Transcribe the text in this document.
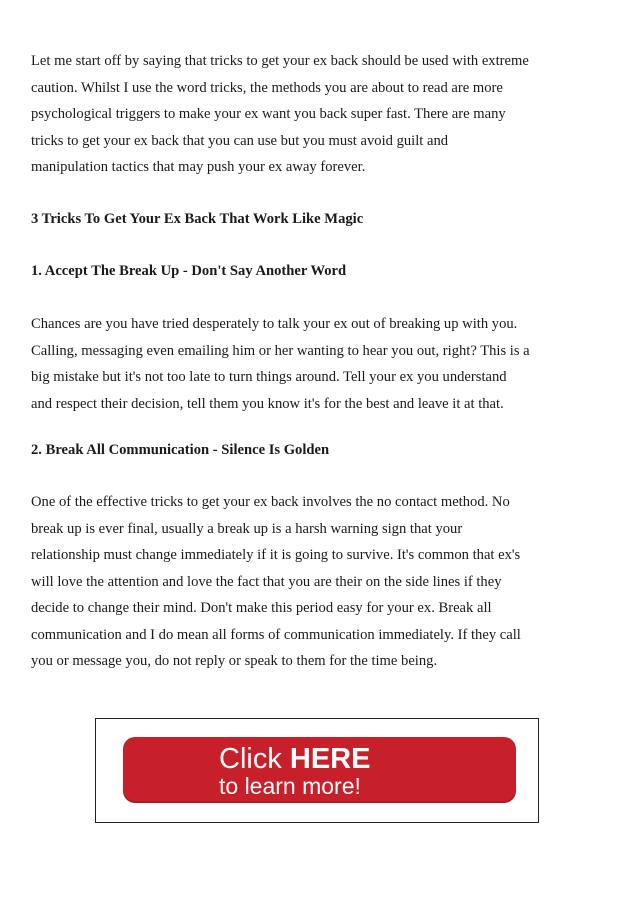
Let me start off by saying that tricks to get your ex back should be used with extreme
caution. Whilst I use the word tricks, the methods you are about to read are more
psychological triggers to make your ex want you back super fast. There are many
tricks to get your ex back that you can use but you must avoid guilt and
manipulation tactics that may push your ex away forever.

3 Tricks To Get Your Ex Back That Work Like Magic
1. Accept The Break Up - Don't Say Another Word

Chances are you have tried desperately to talk your ex out of breaking up with you.
Calling, messaging even emailing him or her wanting to hear you out, right? This is a
big mistake but it's not too late to turn things around. Tell your ex you understand
and respect their decision, tell them you know it's for the best and leave it at that.

2. Break All Communication - Silence Is Golden

One of the effective tricks to get your ex back involves the no contact method. No
break up is ever final, usually a break up is a harsh warning sign that your
relationship must change immediately if it is going to survive. It's common that ex's
will love the attention and love the fact that you are their on the side lines if they
decide to change their mind. Don't make this period easy for your ex. Break all
communication and I do mean all forms of communication immediately. If they call
you or message you, do not reply or speak to them for the time being.

Click HERE
to learn more!
